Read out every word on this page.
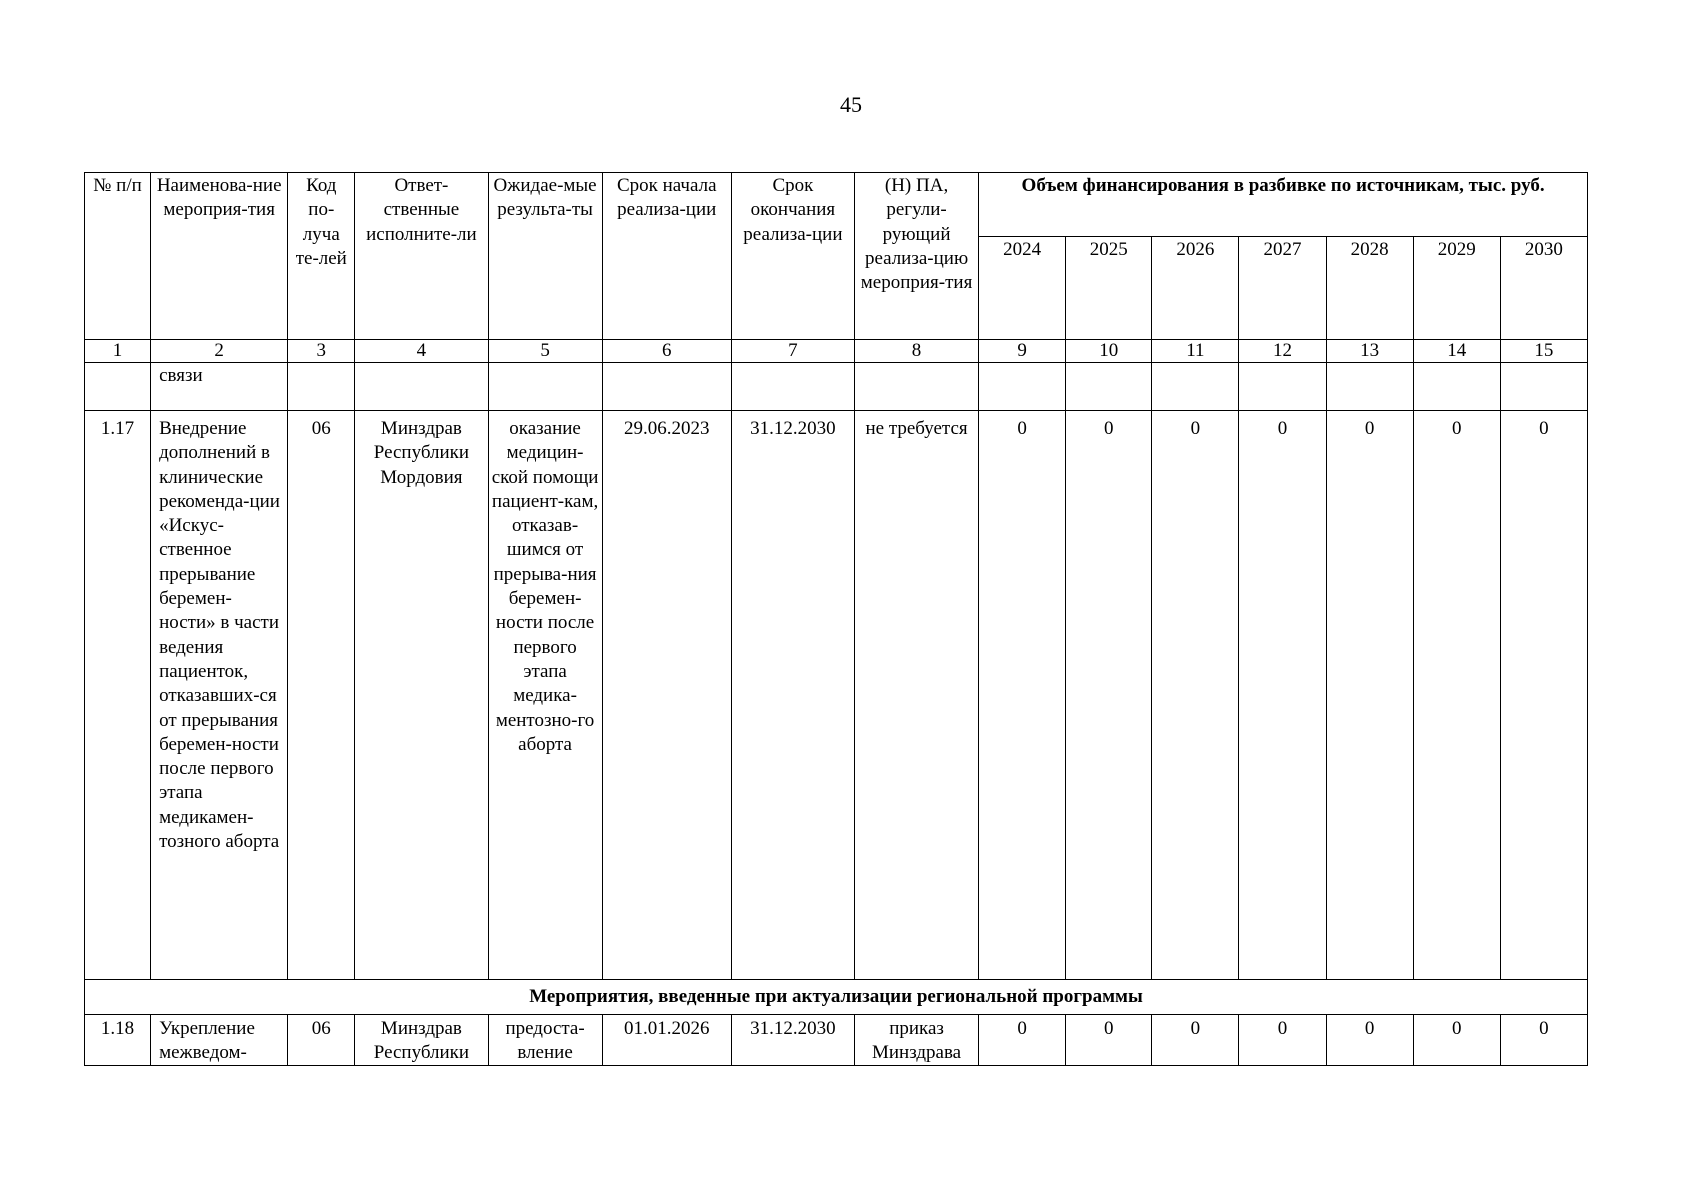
45
№ п/п	Наименова-ние мероприя-тия	Код по-луча те-лей	Ответ-ственные исполните-ли	Ожидае-мые результа-ты	Срок начала реализа-ции	Срок окончания реализа-ции	(Н) ПА, регули-рующий реализа-цию мероприя-тия	Объем финансирования в разбивке по источникам, тыс. руб.						
								2024	2025	2026	2027	2028	2029	2030
1	2	3	4	5	6	7	8	9	10	11	12	13	14	15
	связи													
1.17	Внедрение дополнений в клинические рекоменда-ции «Искус-ственное прерывание беремен-ности» в части ведения пациенток, отказавших-ся от прерывания беремен-ности после первого этапа медикамен-тозного аборта	06	Минздрав Республики Мордовия	оказание медицин-ской помощи пациент-кам, отказав-шимся от прерыва-ния беремен-ности после первого этапа медика-ментозно-го аборта	29.06.2023	31.12.2030	не требуется	0	0	0	0	0	0	0
Мероприятия, введенные при актуализации региональной программы														
1.18	Укрепление межведом-	06	Минздрав Республики	предоста-вление	01.01.2026	31.12.2030	приказ Минздрава	0	0	0	0	0	0	0
